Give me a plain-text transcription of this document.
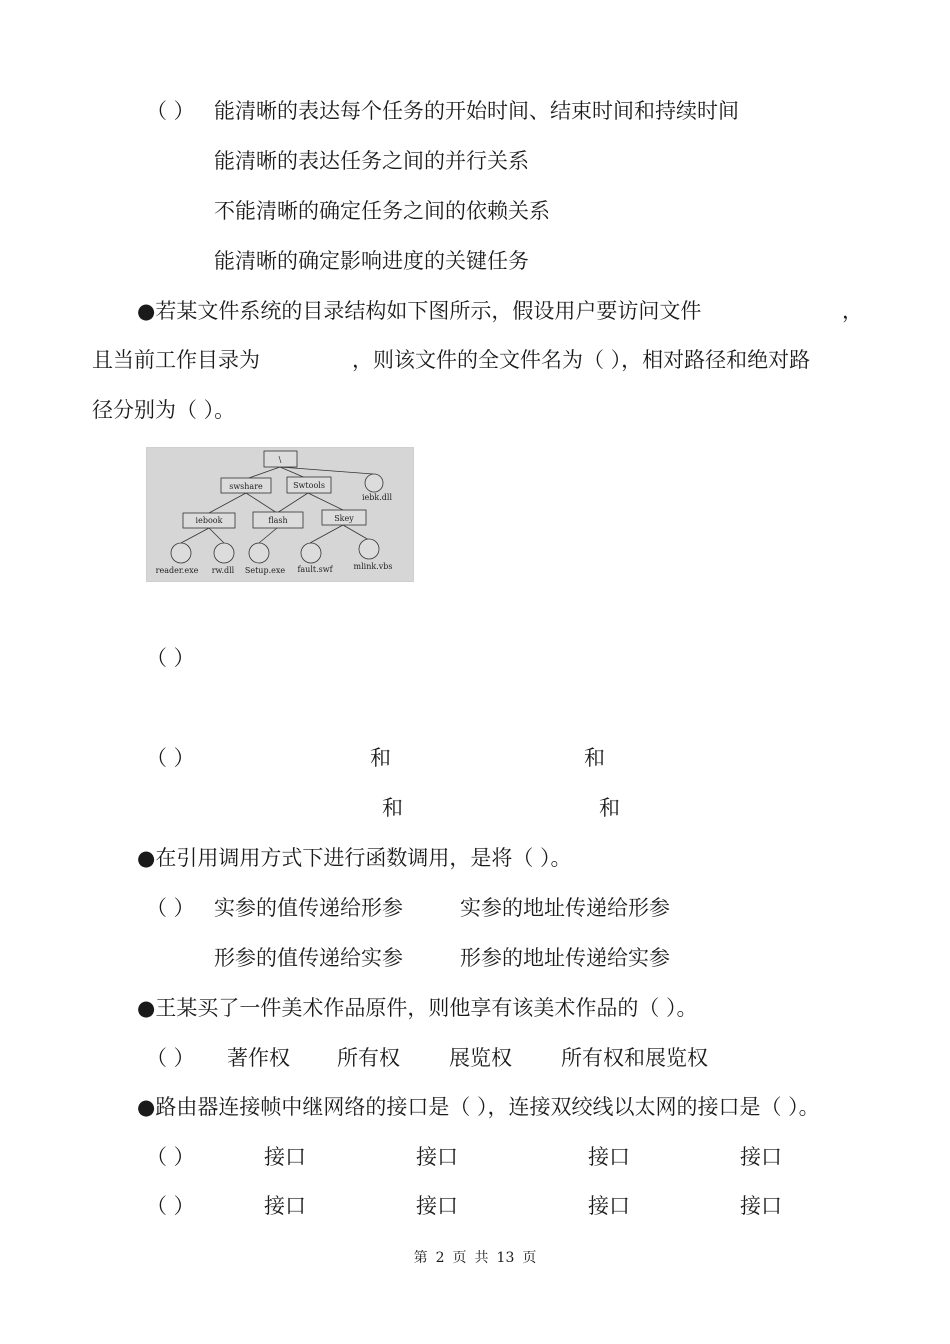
（ ） 能清晰的表达每个任务的开始时间、结束时间和持续时间
能清晰的表达任务之间的并行关系
不能清晰的确定任务之间的依赖关系
能清晰的确定影响进度的关键任务
●若某文件系统的目录结构如下图所示，假设用户要访问文件	，
且当前工作目录为	，则该文件的全文件名为（ ），相对路径和绝对路
径分别为（ ）。
\
swshare	Swtools
iebk.dll
iebook	flash	Skey
reader.exe rw.dll Setup.exe fault.swf	mlink.vbs
（ ）
（ ）	和	和
和	和
●在引用调用方式下进行函数调用，是将（ ）。
（ ） 实参的值传递给形参	实参的地址传递给形参
形参的值传递给实参	形参的地址传递给实参
●王某买了一件美术作品原件，则他享有该美术作品的（ ）。
（ ） 著作权 所有权 展览权 所有权和展览权
●路由器连接帧中继网络的接口是（ ），连接双绞线以太网的接口是（ ）。
（ ）	接口	接口	接口	接口
（ ）	接口	接口	接口	接口
第 2 页 共 13 页
